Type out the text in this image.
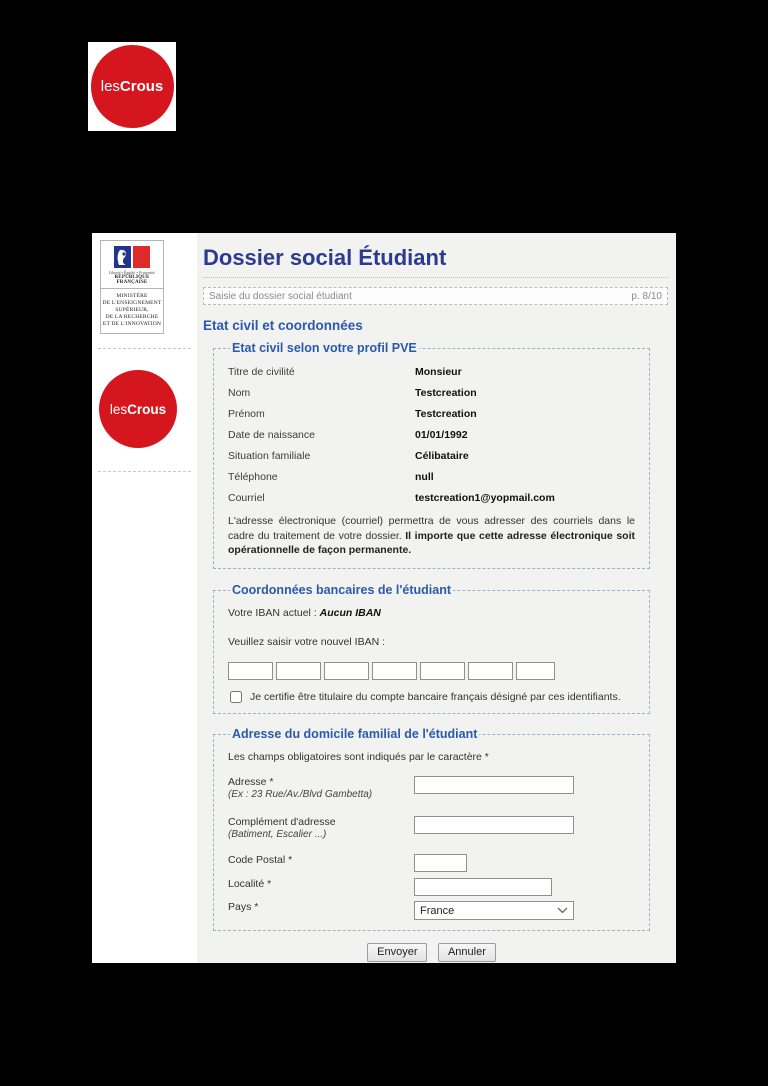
les Crous
Liberté • Égalité • Fraternité
RÉPUBLIQUE FRANÇAISE
MINISTÈRE
DE L'ENSEIGNEMENT
SUPÉRIEUR,
DE LA RECHERCHE
ET DE L'INNOVATION
les Crous
Dossier social Étudiant
Saisie du dossier social étudiant	p. 8/10
Etat civil et coordonnées
Etat civil selon votre profil PVE
Titre de civilité	Monsieur
Nom	Testcreation
Prénom	Testcreation
Date de naissance	01/01/1992
Situation familiale	Célibataire
Téléphone	null
Courriel	testcreation1@yopmail.com
L'adresse électronique (courriel) permettra de vous adresser des courriels dans le cadre du traitement de votre dossier. Il importe que cette adresse électronique soit opérationnelle de façon permanente.
Coordonnées bancaires de l'étudiant
Votre IBAN actuel : Aucun IBAN
Veuillez saisir votre nouvel IBAN :
Je certifie être titulaire du compte bancaire français désigné par ces identifiants.
Adresse du domicile familial de l'étudiant
Les champs obligatoires sont indiqués par le caractère *
Adresse *
(Ex : 23 Rue/Av./Blvd Gambetta)
Complément d'adresse
(Batiment, Escalier ...)
Code Postal *
Localité *
Pays *	France
Envoyer	Annuler
